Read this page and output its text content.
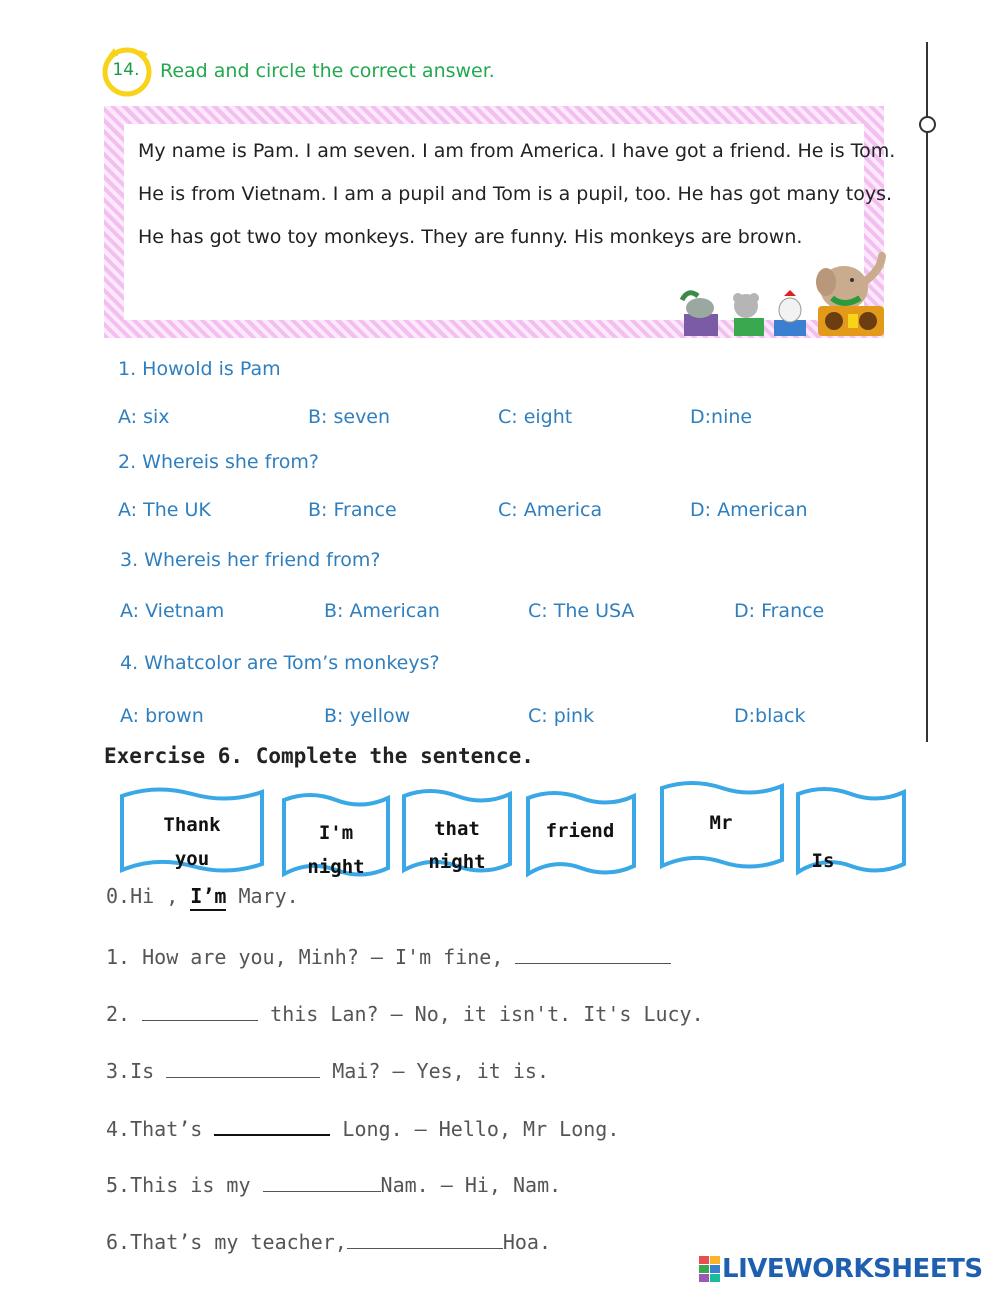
14.	Read and circle the correct answer.
My name is Pam. I am seven. I am from America. I have got a friend. He is Tom.
He is from Vietnam. I am a pupil and Tom is a pupil, too. He has got many toys.
He has got two toy monkeys. They are funny. His monkeys are brown.
1. Howold is Pam
A: six	B: seven	C: eight	D:nine
2. Whereis she from?
A: The UK	B: France	C: America	D: American
3. Whereis her friend from?
A: Vietnam	B: American	C: The USA	D: France
4. Whatcolor are Tom’s monkeys?
A: brown	B: yellow	C: pink	D:black
Exercise 6. Complete the sentence.
Thank
you
I'm
night
that
night
friend	Mr
Is
0.Hi , I’m Mary.
1. How are you, Minh? – I'm fine,
2.	this Lan? – No, it isn't. It's Lucy.
3.Is	Mai? – Yes, it is.
4.That’s	Long. – Hello, Mr Long.
5.This is my	Nam. – Hi, Nam.
6.That’s my teacher,	Hoa.
LIVEWORKSHEETS
